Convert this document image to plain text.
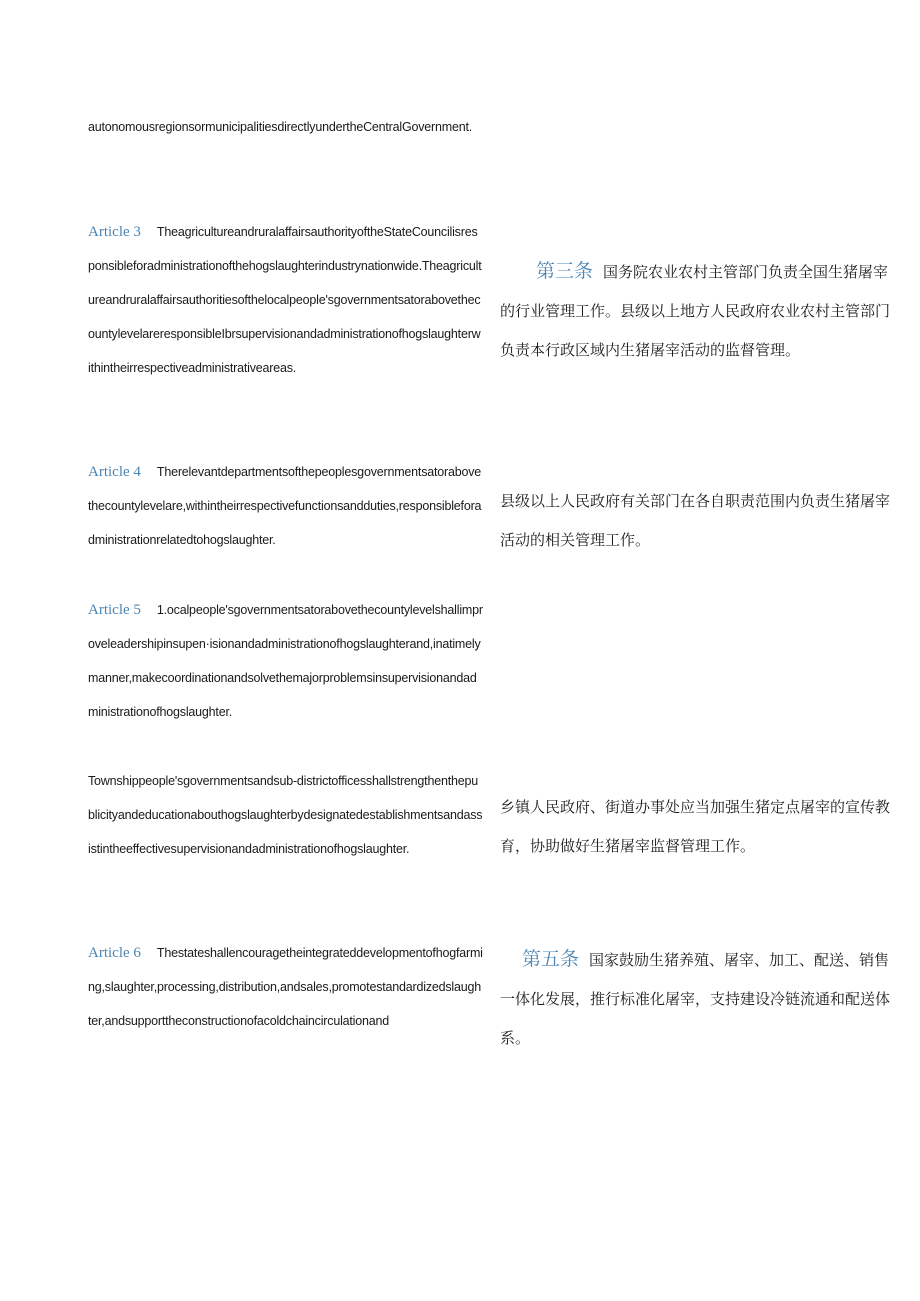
autonomousregionsormunicipalitiesdirectlyundertheCentralGovernment.

Article 3 TheagricultureandruralaffairsauthorityoftheStateCouncilisresponsibleforadministrationofthehogslaughterindustrynationwide.Theagricultureandruralaffairsauthoritiesofthelocalpeople'sgovernmentsatorabovethecountylevelareresponsibleIbrsupervisionandadministrationofhogslaughterwithintheirrespectiveadministrativeareas.

Article 4 Therelevantdepartmentsofthepeoplesgovernmentsatorabovethecountylevelare,withintheirrespectivefunctionsandduties,responsibleforadministrationrelatedtohogslaughter.

Article 5 1.ocalpeople'sgovernmentsatorabovethecountylevelshallimproveleadershipinsupen·isionandadministrationofhogslaughterand,inatimelymanner,makecoordinationandsolvethemajorproblemsinsupervisionandadministrationofhogslaughter.

Townshippeople'sgovernmentsandsub-districtofficesshallstrengthenthepublicityandeducationabouthogslaughterbydesignatedestablishmentsandassistintheeffectivesupervisionandadministrationofhogslaughter.

Article 6 Thestateshallencouragetheintegrateddevelopmentofhogfarming,slaughter,processing,distribution,andsales,promotestandardizedslaughter,andsupporttheconstructionofacoldchaincirculationand

第三条 国务院农业农村主管部门负责全国生猪屠宰的行业管理工作。县级以上地方人民政府农业农村主管部门负责本行政区域内生猪屠宰活动的监督管理。

县级以上人民政府有关部门在各自职责范围内负责生猪屠宰活动的相关管理工作。

乡镇人民政府、街道办事处应当加强生猪定点屠宰的宣传教育，协助做好生猪屠宰监督管理工作。

第五条 国家鼓励生猪养殖、屠宰、加工、配送、销售一体化发展，推行标准化屠宰，支持建设冷链流通和配送体系。
